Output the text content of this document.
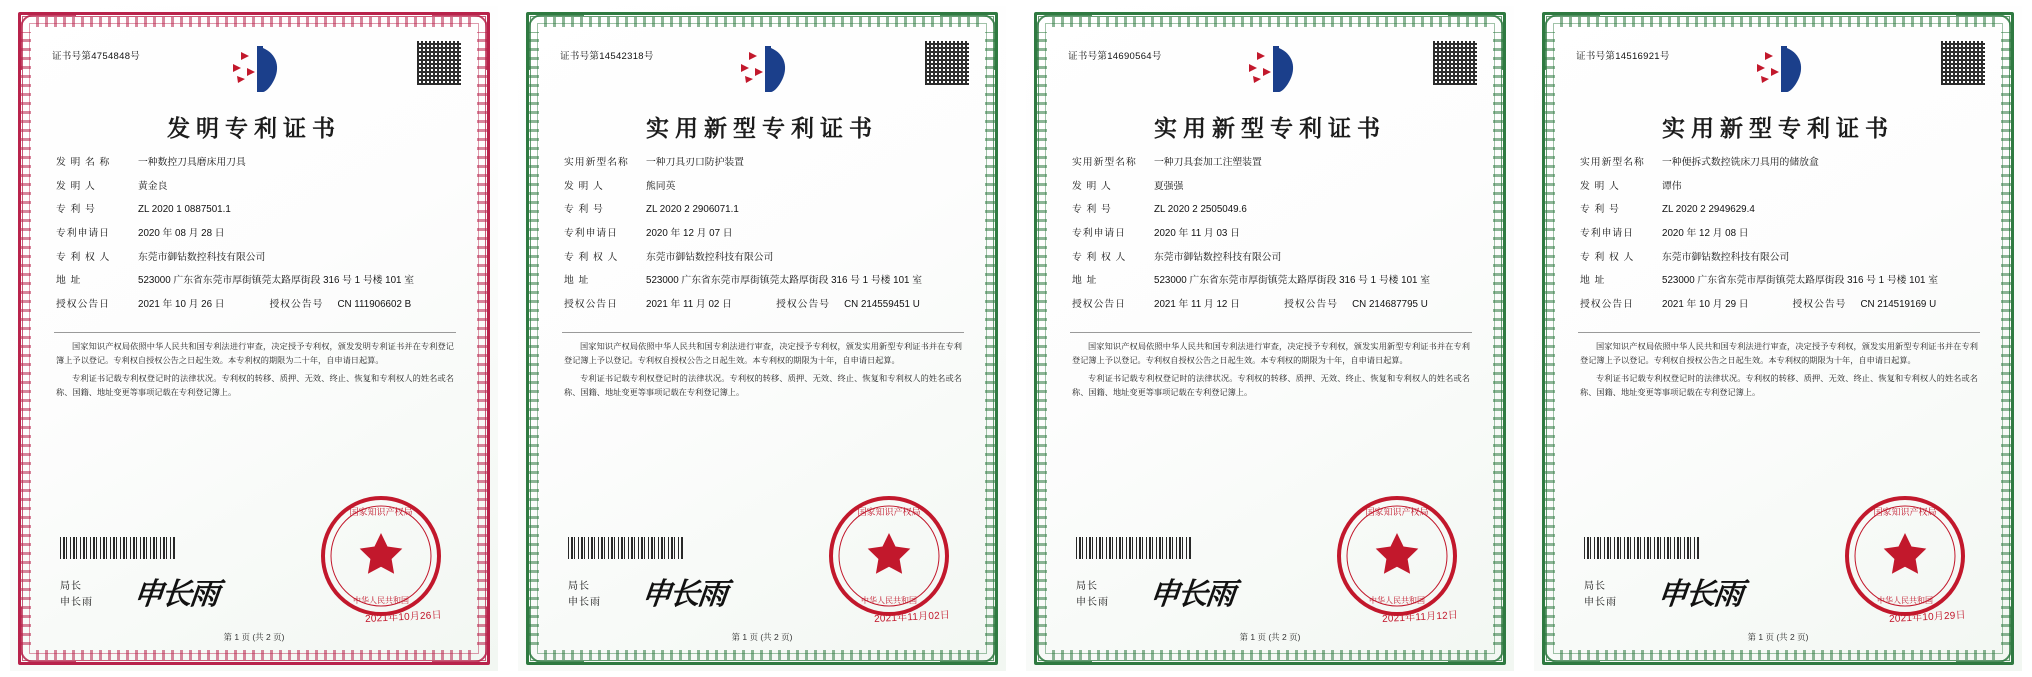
证书号第4754848号
发明专利证书
发 明 名 称	一种数控刀具磨床用刀具
发 明 人	黄金良
专 利 号	ZL 2020 1 0887501.1
专利申请日	2020 年 08 月 28 日
专 利 权 人	东莞市御钻数控科技有限公司
地 址	523000 广东省东莞市厚街镇莞太路厚街段 316 号 1 号楼 101 室
授权公告日	2021 年 10 月 26 日	授权公告号	CN 111906602 B

国家知识产权局依照中华人民共和国专利法进行审查，决定授予专利权，颁发发明专利证书并在专利登记簿上予以登记。专利权自授权公告之日起生效。本专利权的期限为二十年，自申请日起算。

专利证书记载专利权登记时的法律状况。专利权的转移、质押、无效、终止、恢复和专利权人的姓名或名称、国籍、地址变更等事项记载在专利登记簿上。

局长
申长雨 申长雨
国家知识产权局
中华人民共和国
2021年10月26日
第 1 页 (共 2 页)
证书号第14542318号
实用新型专利证书
实用新型名称	一种刀具刃口防护装置
发 明 人	熊同英
专 利 号	ZL 2020 2 2906071.1
专利申请日	2020 年 12 月 07 日
专 利 权 人	东莞市御钻数控科技有限公司
地 址	523000 广东省东莞市厚街镇莞太路厚街段 316 号 1 号楼 101 室
授权公告日	2021 年 11 月 02 日	授权公告号	CN 214559451 U

国家知识产权局依照中华人民共和国专利法进行审查，决定授予专利权，颁发实用新型专利证书并在专利登记簿上予以登记。专利权自授权公告之日起生效。本专利权的期限为十年，自申请日起算。

专利证书记载专利权登记时的法律状况。专利权的转移、质押、无效、终止、恢复和专利权人的姓名或名称、国籍、地址变更等事项记载在专利登记簿上。

局长
申长雨 申长雨
国家知识产权局
中华人民共和国
2021年11月02日
第 1 页 (共 2 页)
证书号第14690564号
实用新型专利证书
实用新型名称	一种刀具套加工注塑装置
发 明 人	夏强强
专 利 号	ZL 2020 2 2505049.6
专利申请日	2020 年 11 月 03 日
专 利 权 人	东莞市御钻数控科技有限公司
地 址	523000 广东省东莞市厚街镇莞太路厚街段 316 号 1 号楼 101 室
授权公告日	2021 年 11 月 12 日	授权公告号	CN 214687795 U

国家知识产权局依照中华人民共和国专利法进行审查，决定授予专利权，颁发实用新型专利证书并在专利登记簿上予以登记。专利权自授权公告之日起生效。本专利权的期限为十年，自申请日起算。

专利证书记载专利权登记时的法律状况。专利权的转移、质押、无效、终止、恢复和专利权人的姓名或名称、国籍、地址变更等事项记载在专利登记簿上。

局长
申长雨 申长雨
国家知识产权局
中华人民共和国
2021年11月12日
第 1 页 (共 2 页)
证书号第14516921号
实用新型专利证书
实用新型名称	一种便拆式数控铣床刀具用的储放盒
发 明 人	谭伟
专 利 号	ZL 2020 2 2949629.4
专利申请日	2020 年 12 月 08 日
专 利 权 人	东莞市御钻数控科技有限公司
地 址	523000 广东省东莞市厚街镇莞太路厚街段 316 号 1 号楼 101 室
授权公告日	2021 年 10 月 29 日	授权公告号	CN 214519169 U

国家知识产权局依照中华人民共和国专利法进行审查，决定授予专利权，颁发实用新型专利证书并在专利登记簿上予以登记。专利权自授权公告之日起生效。本专利权的期限为十年，自申请日起算。

专利证书记载专利权登记时的法律状况。专利权的转移、质押、无效、终止、恢复和专利权人的姓名或名称、国籍、地址变更等事项记载在专利登记簿上。

局长
申长雨 申长雨
国家知识产权局
中华人民共和国
2021年10月29日
第 1 页 (共 2 页)
